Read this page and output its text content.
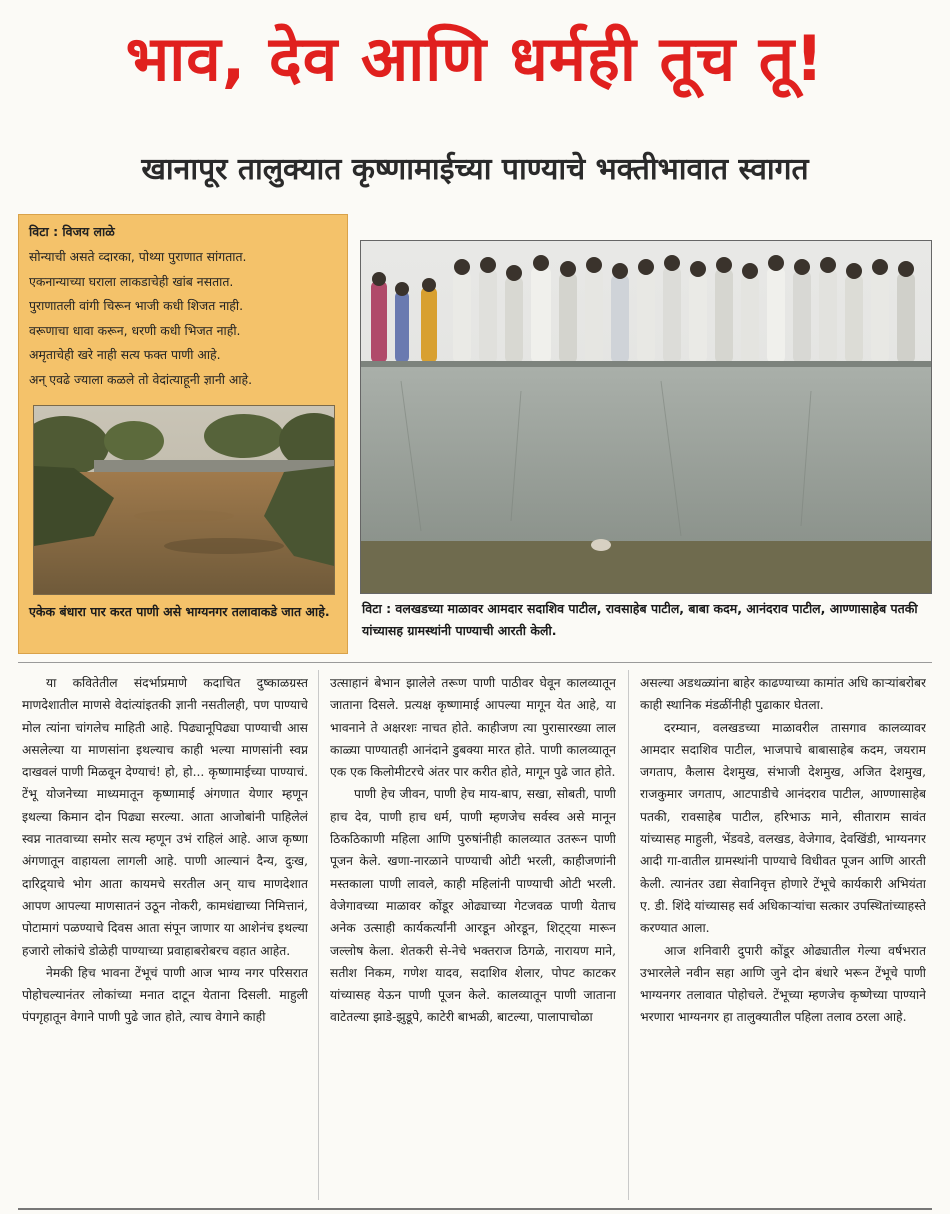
भाव, देव आणि धर्मही तूच तू!
खानापूर तालुक्यात कृष्णामाईच्या पाण्याचे भक्तीभावात स्वागत
विटा : विजय लाळे
सोन्याची असते व्दारका, पोथ्या पुराणात सांगतात.
एकनान्याच्या घराला लाकडाचेही खांब नसतात.
पुराणातली वांगी चिरून भाजी कधी शिजत नाही.
वरूणाचा धावा करून, धरणी कधी भिजत नाही.
अमृताचेही खरे नाही सत्य फक्त पाणी आहे.
अन् एवढे ज्याला कळले तो वेदांत्याहूनी ज्ञानी आहे.
एकेक बंधारा पार करत पाणी असे भाग्यनगर तलावाकडे जात आहे.	विटा : वलखडच्या माळावर आमदार सदाशिव पाटील, रावसाहेब पाटील, बाबा कदम, आनंदराव पाटील, आण्णासाहेब पतकी यांच्यासह ग्रामस्थांनी पाण्याची आरती केली.

या कवितेतील संदर्भाप्रमाणे कदाचित दुष्काळग्रस्त माणदेशातील माणसे वेदांत्यांइतकी ज्ञानी नसतीलही, पण पाण्याचे मोल त्यांना चांगलेच माहिती आहे. पिढ्यानूपिढ्या पाण्याची आस असलेल्या या माणसांना इथल्याच काही भल्या माणसांनी स्वप्न दाखवलं पाणी मिळवून देण्याचं! हो, हो... कृष्णामाईच्या पाण्याचं. टेंभू योजनेच्या माध्यमातून कृष्णामाई अंगणात येणार म्हणून इथल्या किमान दोन पिढ्या सरल्या. आता आजोबांनी पाहिलेलं स्वप्न नातवाच्या समोर सत्य म्हणून उभं राहिलं आहे. आज कृष्णा अंगणातून वाहायला लागली आहे. पाणी आल्यानं दैन्य, दुःख, दारिद्र्याचे भोग आता कायमचे सरतील अन् याच माणदेशात आपण आपल्या माणसातनं उठून नोकरी, कामधंद्याच्या निमित्तानं, पोटामागं पळण्याचे दिवस आता संपून जाणार या आशेनंच इथल्या हजारो लोकांचे डोळेही पाण्याच्या प्रवाहाबरोबरच वहात आहेत.

नेमकी हिच भावना टेंभूचं पाणी आज भाग्य नगर परिसरात पोहोचल्यानंतर लोकांच्या मनात दाटून येताना दिसली. माहुली पंपगृहातून वेगाने पाणी पुढे जात होते, त्याच वेगाने काही

उत्साहानं बेभान झालेले तरूण पाणी पाठीवर घेवून कालव्यातून जाताना दिसले. प्रत्यक्ष कृष्णामाई आपल्या मागून येत आहे, या भावनाने ते अक्षरशः नाचत होते. काहीजण त्या पुरासारख्या लाल काळ्या पाण्यातही आनंदाने डुबक्या मारत होते. पाणी कालव्यातून एक एक किलोमीटरचे अंतर पार करीत होते, मागून पुढे जात होते.

पाणी हेच जीवन, पाणी हेच माय-बाप, सखा, सोबती, पाणी हाच देव, पाणी हाच धर्म, पाणी म्हणजेच सर्वस्व असे मानून ठिकठिकाणी महिला आणि पुरुषांनीही कालव्यात उतरून पाणी पूजन केले. खणा-नारळाने पाण्याची ओटी भरली, काहीजणांनी मस्तकाला पाणी लावले, काही महिलांनी पाण्याची ओटी भरली. वेजेगावच्या माळावर कोंडूर ओढ्याच्या गेटजवळ पाणी येताच अनेक उत्साही कार्यकर्त्यांनी आरडून ओरडून, शिट्ट्या मारून जल्लोष केला. शेतकरी से-नेचे भक्तराज ठिगळे, नारायण माने, सतीश निकम, गणेश यादव, सदाशिव शेलार, पोपट काटकर यांच्यासह येऊन पाणी पूजन केले. कालव्यातून पाणी जाताना वाटेतल्या झाडे-झुडूपे, काटेरी बाभळी, बाटल्या, पालापाचोळा

असल्या अडथळ्यांना बाहेर काढण्याच्या कामांत अधि काऱ्यांबरोबर काही स्थानिक मंडळींनीही पुढाकार घेतला.

दरम्यान, वलखडच्या माळावरील तासगाव कालव्यावर आमदार सदाशिव पाटील, भाजपाचे बाबासाहेब कदम, जयराम जगताप, कैलास देशमुख, संभाजी देशमुख, अजित देशमुख, राजकुमार जगताप, आटपाडीचे आनंदराव पाटील, आण्णासाहेब पतकी, रावसाहेब पाटील, हरिभाऊ माने, सीताराम सावंत यांच्यासह माहुली, भेंडवडे, वलखड, वेजेगाव, देवखिंडी, भाग्यनगर आदी गा-वातील ग्रामस्थांनी पाण्याचे विधीवत पूजन आणि आरती केली. त्यानंतर उद्या सेवानिवृत्त होणारे टेंभूचे कार्यकारी अभियंता ए. डी. शिंदे यांच्यासह सर्व अधिकाऱ्यांचा सत्कार उपस्थितांच्याहस्ते करण्यात आला.

आज शनिवारी दुपारी कोंडूर ओढ्यातील गेल्या वर्षभरात उभारलेले नवीन सहा आणि जुने दोन बंधारे भरून टेंभूचे पाणी भाग्यनगर तलावात पोहोचले. टेंभूच्या म्हणजेच कृष्णेच्या पाण्याने भरणारा भाग्यनगर हा तालुक्यातील पहिला तलाव ठरला आहे.
